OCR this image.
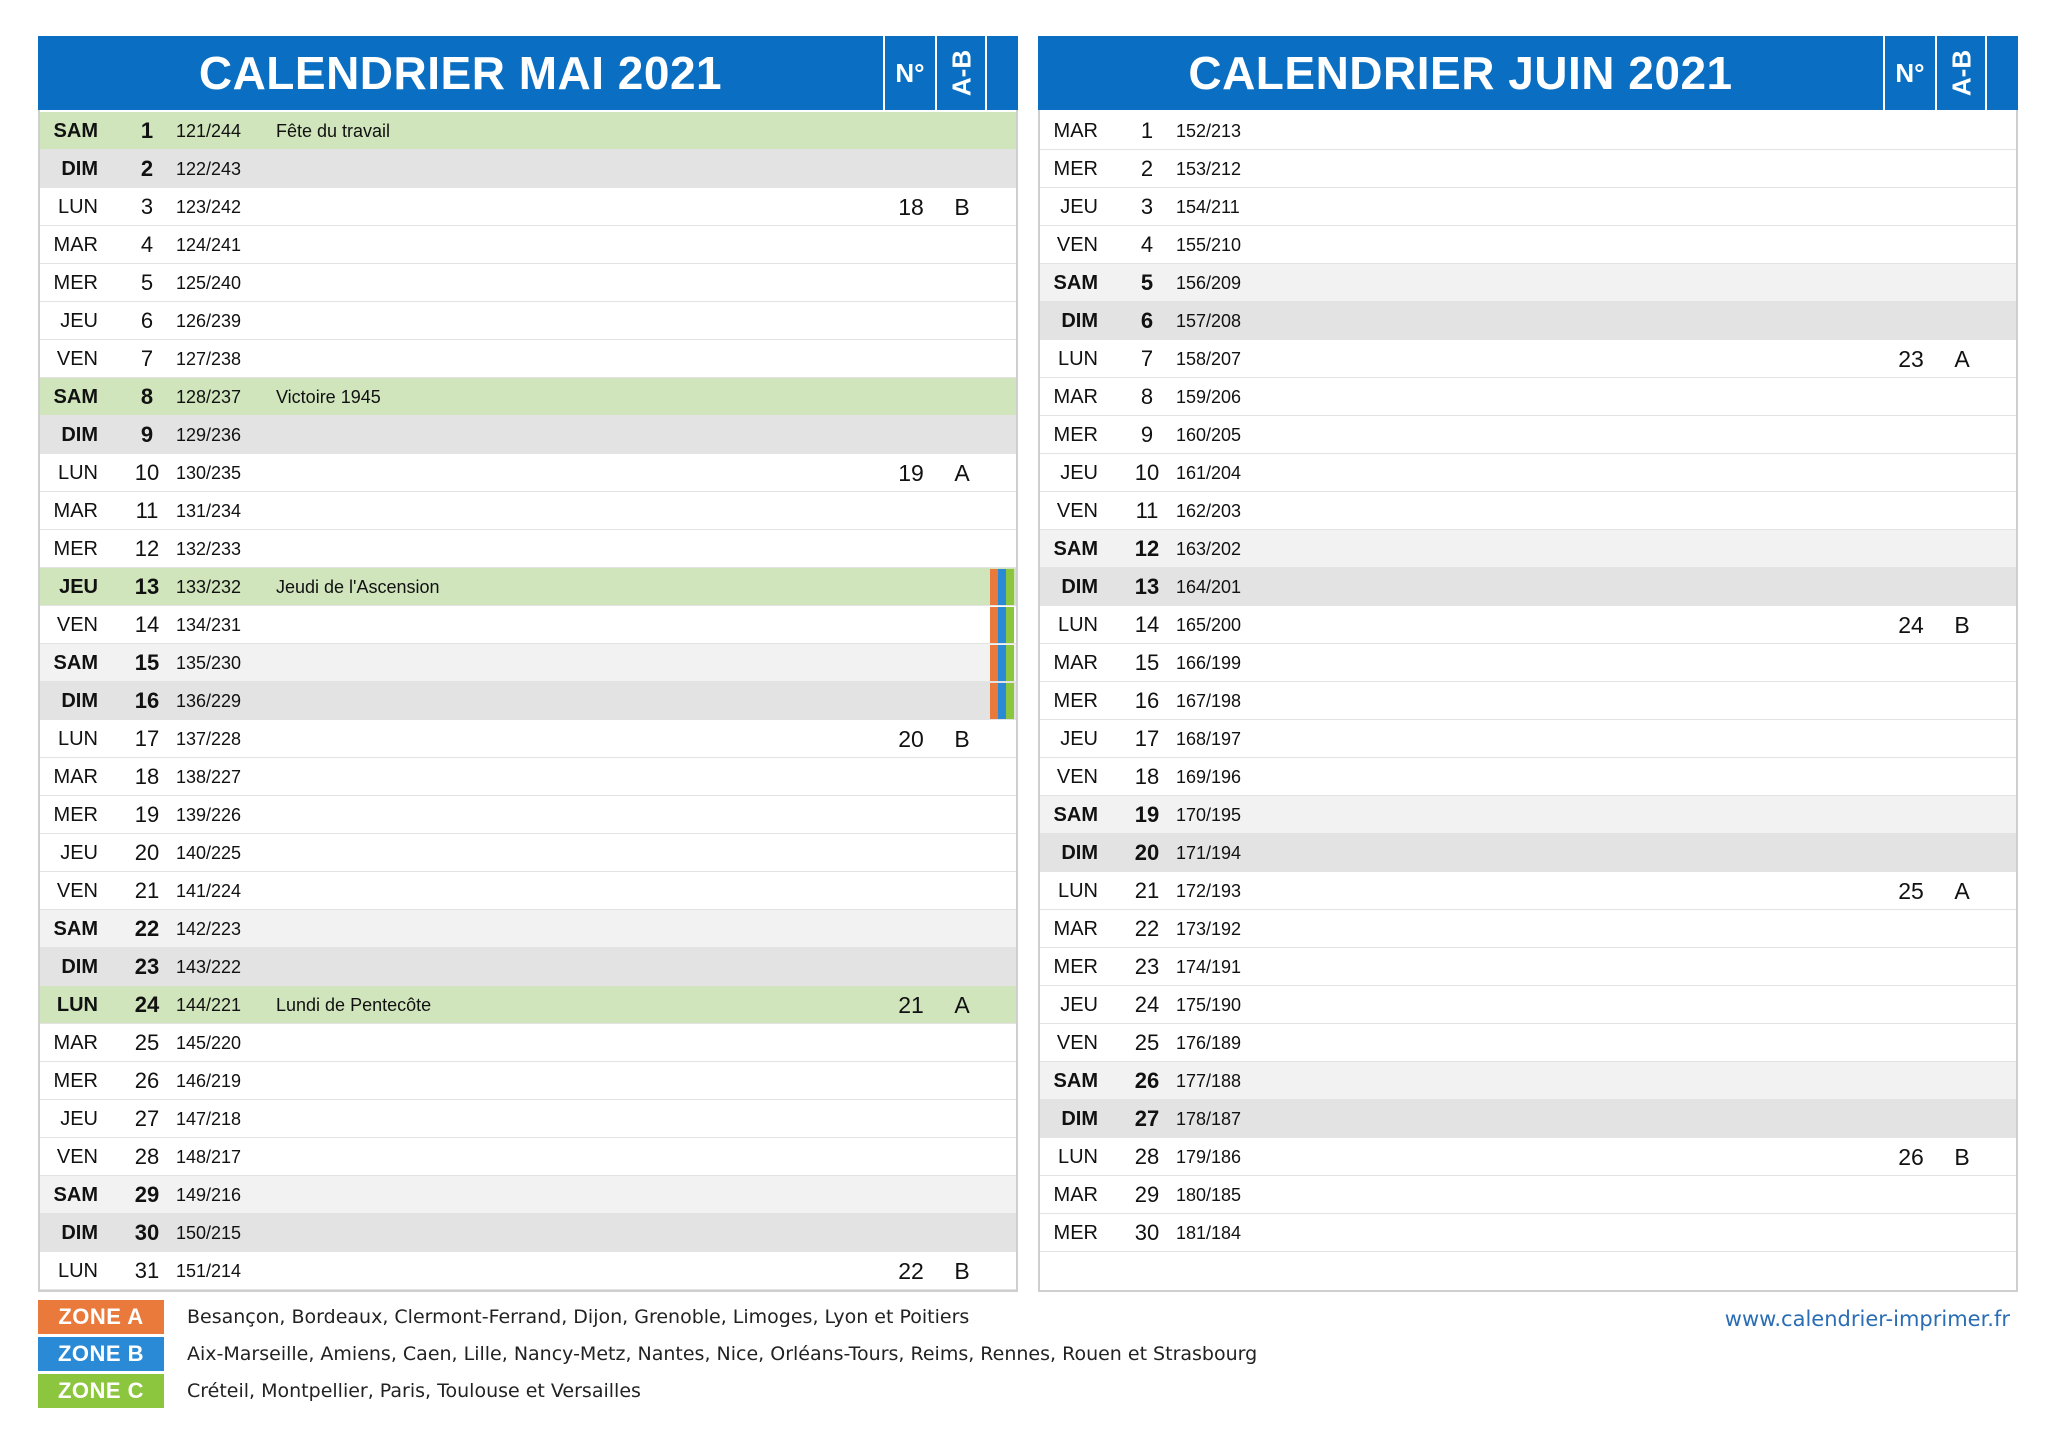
CALENDRIER MAI 2021	N° A-B
SAM	1	121/244 Fête du travail
DIM	2	122/243
LUN	3	123/242	18	B
MAR	4	124/241
MER	5	125/240
JEU	6	126/239
VEN	7	127/238
SAM	8	128/237 Victoire 1945
DIM	9	129/236
LUN	10 130/235	19	A
MAR	11 131/234
MER	12 132/233
JEU	13 133/232 Jeudi de l'Ascension
VEN	14 134/231
SAM	15 135/230
DIM	16 136/229
LUN	17 137/228	20	B
MAR	18 138/227
MER	19 139/226
JEU	20 140/225
VEN	21 141/224
SAM	22 142/223
DIM	23 143/222
LUN	24 144/221 Lundi de Pentecôte	21	A
MAR	25 145/220
MER	26 146/219
JEU	27 147/218
VEN	28 148/217
SAM	29 149/216
DIM	30 150/215
LUN	31 151/214	22	B
CALENDRIER JUIN 2021	N° A-B
MAR	1	152/213
MER	2	153/212
JEU	3	154/211
VEN	4	155/210
SAM	5	156/209
DIM	6	157/208
LUN	7	158/207	23	A
MAR	8	159/206
MER	9	160/205
JEU	10 161/204
VEN	11 162/203
SAM	12 163/202
DIM	13 164/201
LUN	14 165/200	24	B
MAR	15 166/199
MER	16 167/198
JEU	17 168/197
VEN	18 169/196
SAM	19 170/195
DIM	20 171/194
LUN	21 172/193	25	A
MAR	22 173/192
MER	23 174/191
JEU	24 175/190
VEN	25 176/189
SAM	26 177/188
DIM	27 178/187
LUN	28 179/186	26	B
MAR	29 180/185
MER	30 181/184
ZONE A	Besançon, Bordeaux, Clermont-Ferrand, Dijon, Grenoble, Limoges, Lyon et Poitiers
ZONE B	Aix-Marseille, Amiens, Caen, Lille, Nancy-Metz, Nantes, Nice, Orléans-Tours, Reims, Rennes, Rouen et Strasbourg
ZONE C	Créteil, Montpellier, Paris, Toulouse et Versailles
www.calendrier-imprimer.fr
